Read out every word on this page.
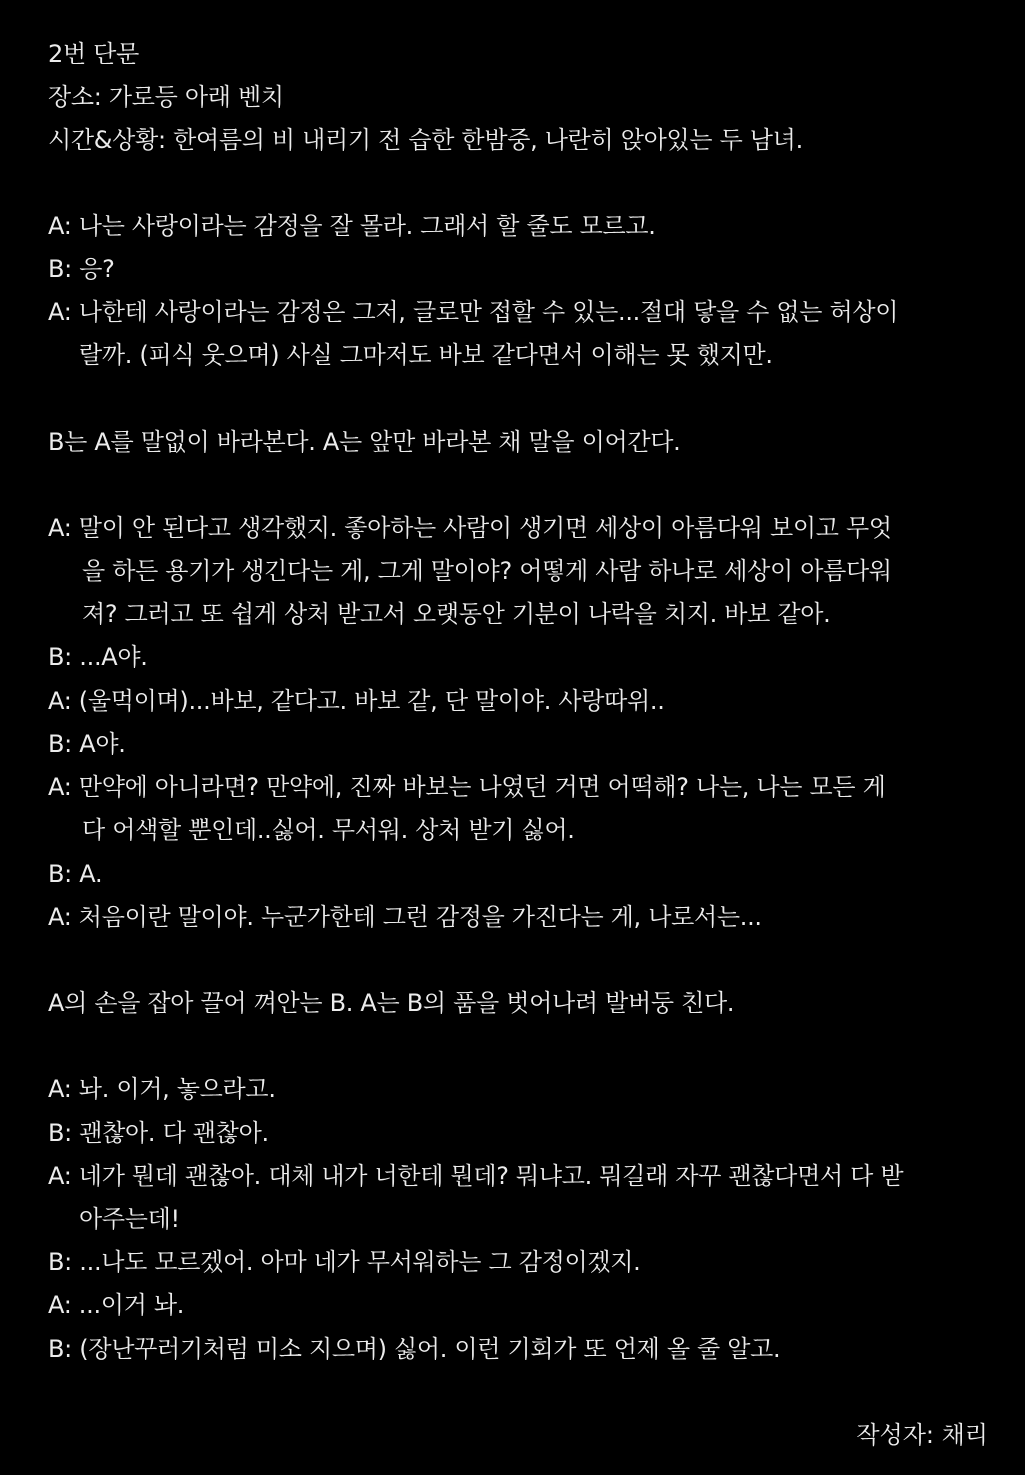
2번 단문
장소: 가로등 아래 벤치
시간&상황: 한여름의 비 내리기 전 습한 한밤중, 나란히 앉아있는 두 남녀.
A: 나는 사랑이라는 감정을 잘 몰라. 그래서 할 줄도 모르고.
B: 응?
A: 나한테 사랑이라는 감정은 그저, 글로만 접할 수 있는...절대 닿을 수 없는 허상이
랄까. (피식 웃으며) 사실 그마저도 바보 같다면서 이해는 못 했지만.
B는 A를 말없이 바라본다. A는 앞만 바라본 채 말을 이어간다.
A: 말이 안 된다고 생각했지. 좋아하는 사람이 생기면 세상이 아름다워 보이고 무엇
을 하든 용기가 생긴다는 게, 그게 말이야? 어떻게 사람 하나로 세상이 아름다워
져? 그러고 또 쉽게 상처 받고서 오랫동안 기분이 나락을 치지. 바보 같아.
B: ...A야.
A: (울먹이며)...바보, 같다고. 바보 같, 단 말이야. 사랑따위..
B: A야.
A: 만약에 아니라면? 만약에, 진짜 바보는 나였던 거면 어떡해? 나는, 나는 모든 게
다 어색할 뿐인데..싫어. 무서워. 상처 받기 싫어.
B: A.
A: 처음이란 말이야. 누군가한테 그런 감정을 가진다는 게, 나로서는...
A의 손을 잡아 끌어 껴안는 B. A는 B의 품을 벗어나려 발버둥 친다.
A: 놔. 이거, 놓으라고.
B: 괜찮아. 다 괜찮아.
A: 네가 뭔데 괜찮아. 대체 내가 너한테 뭔데? 뭐냐고. 뭐길래 자꾸 괜찮다면서 다 받
아주는데!
B: ...나도 모르겠어. 아마 네가 무서워하는 그 감정이겠지.
A: ...이거 놔.
B: (장난꾸러기처럼 미소 지으며) 싫어. 이런 기회가 또 언제 올 줄 알고.
작성자: 채리
